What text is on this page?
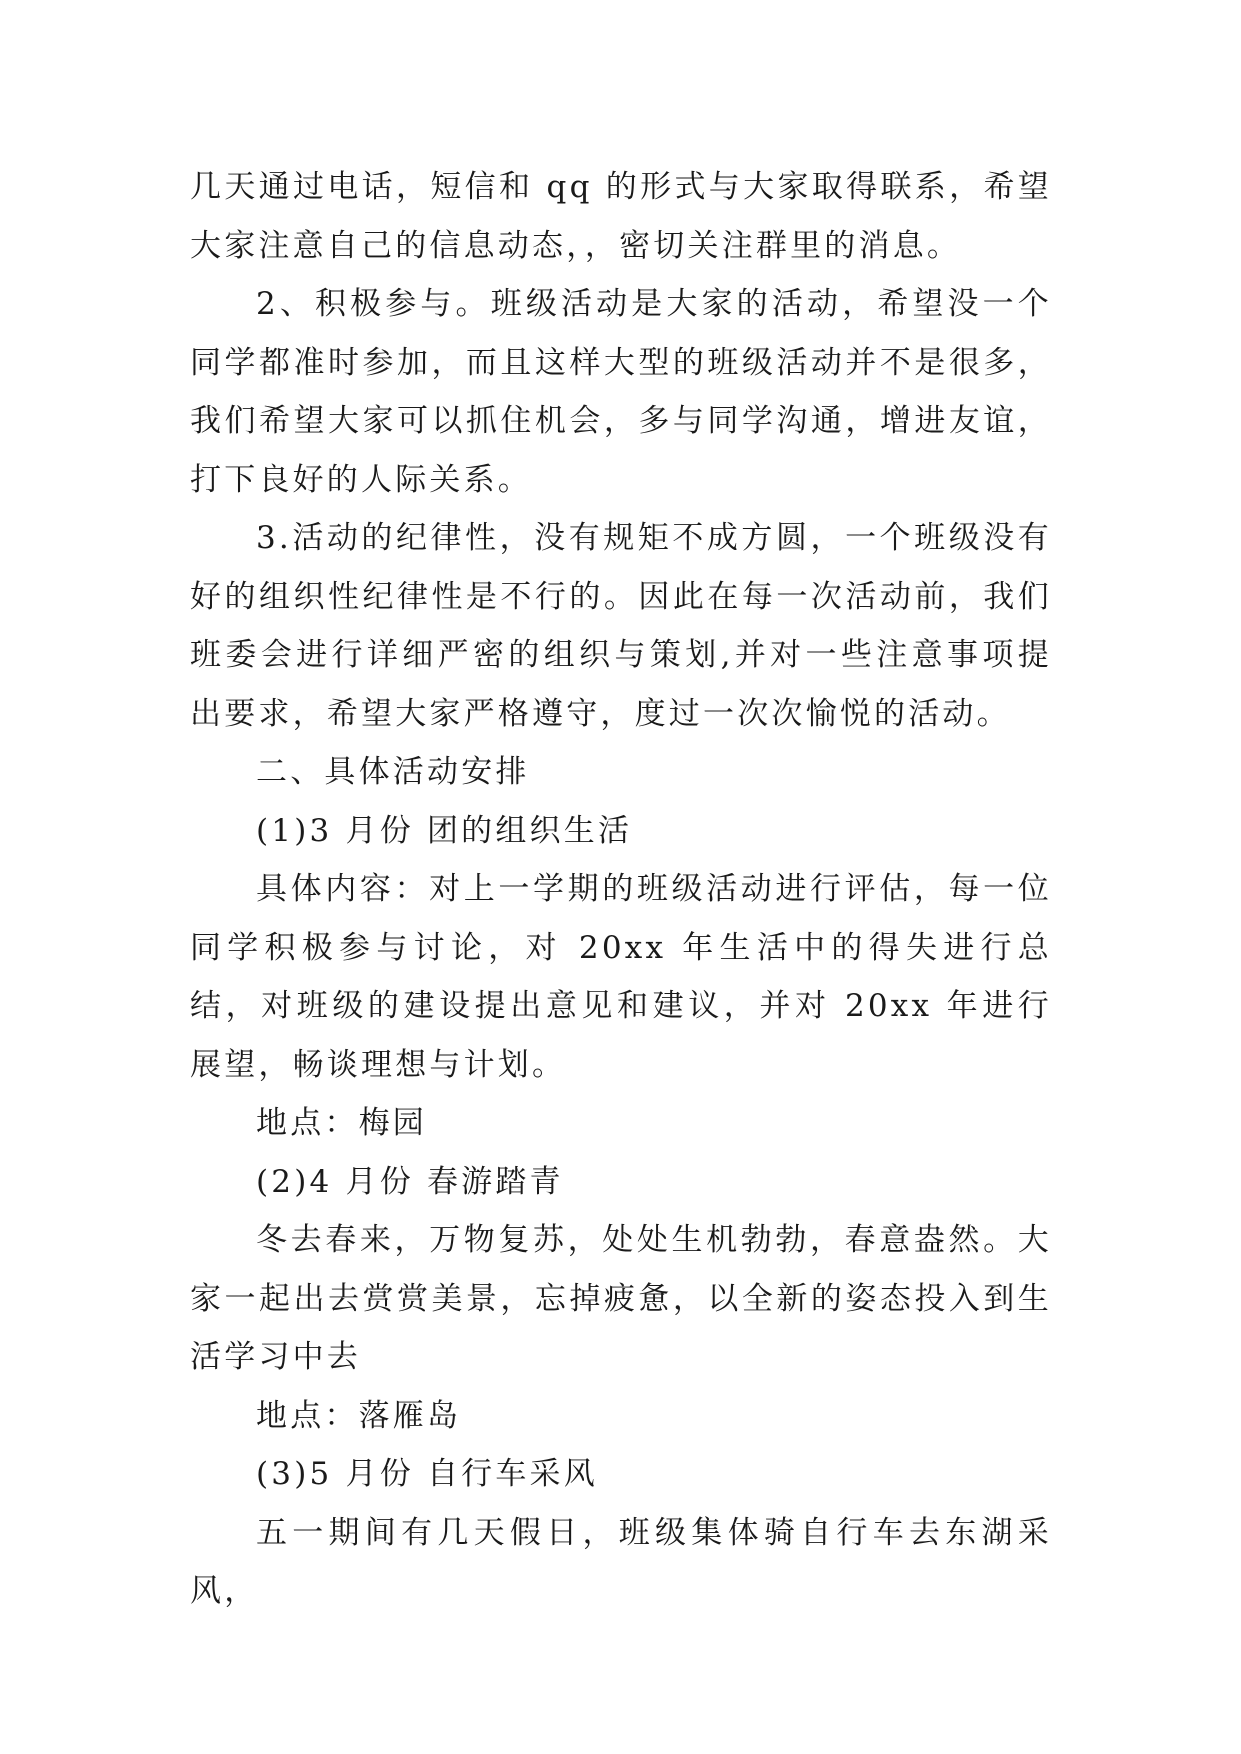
几天通过电话，短信和 qq 的形式与大家取得联系，希望大家注意自己的信息动态，，密切关注群里的消息。

2、积极参与。班级活动是大家的活动，希望没一个同学都准时参加，而且这样大型的班级活动并不是很多，我们希望大家可以抓住机会，多与同学沟通，增进友谊，打下良好的人际关系。

3.活动的纪律性，没有规矩不成方圆，一个班级没有好的组织性纪律性是不行的。因此在每一次活动前，我们班委会进行详细严密的组织与策划,并对一些注意事项提出要求，希望大家严格遵守，度过一次次愉悦的活动。

二、具体活动安排

(1)3 月份 团的组织生活

具体内容：对上一学期的班级活动进行评估，每一位同学积极参与讨论，对 20xx 年生活中的得失进行总结，对班级的建设提出意见和建议，并对 20xx 年进行展望，畅谈理想与计划。

地点：梅园

(2)4 月份 春游踏青

冬去春来，万物复苏，处处生机勃勃，春意盎然。大家一起出去赏赏美景，忘掉疲惫，以全新的姿态投入到生活学习中去

地点：落雁岛

(3)5 月份 自行车采风

五一期间有几天假日，班级集体骑自行车去东湖采风，
